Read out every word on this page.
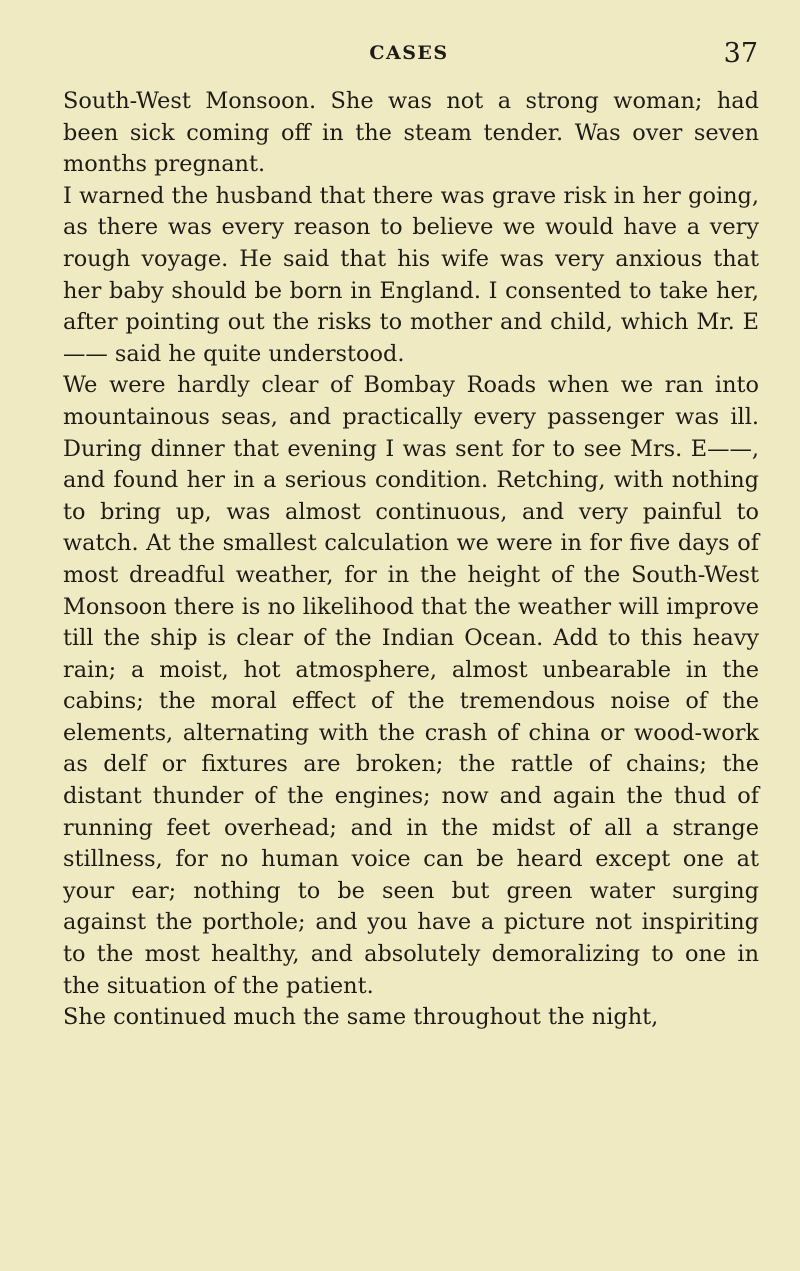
CASES	37

South-West Monsoon. She was not a strong woman; had been sick coming off in the steam tender. Was over seven months pregnant.

I warned the husband that there was grave risk in her going, as there was every reason to believe we would have a very rough voyage. He said that his wife was very anxious that her baby should be born in England. I consented to take her, after pointing out the risks to mother and child, which Mr. E—— said he quite understood.

We were hardly clear of Bombay Roads when we ran into mountainous seas, and practically every passenger was ill. During dinner that evening I was sent for to see Mrs. E——, and found her in a serious condition. Retching, with nothing to bring up, was almost continuous, and very painful to watch. At the smallest calculation we were in for five days of most dreadful weather, for in the height of the South-West Monsoon there is no likelihood that the weather will improve till the ship is clear of the Indian Ocean. Add to this heavy rain; a moist, hot atmosphere, almost unbearable in the cabins; the moral effect of the tremendous noise of the elements, alternating with the crash of china or wood-work as delf or fixtures are broken; the rattle of chains; the distant thunder of the engines; now and again the thud of running feet overhead; and in the midst of all a strange stillness, for no human voice can be heard except one at your ear; nothing to be seen but green water surging against the porthole; and you have a picture not inspiriting to the most healthy, and absolutely demoralizing to one in the situation of the patient.

She continued much the same throughout the night,
